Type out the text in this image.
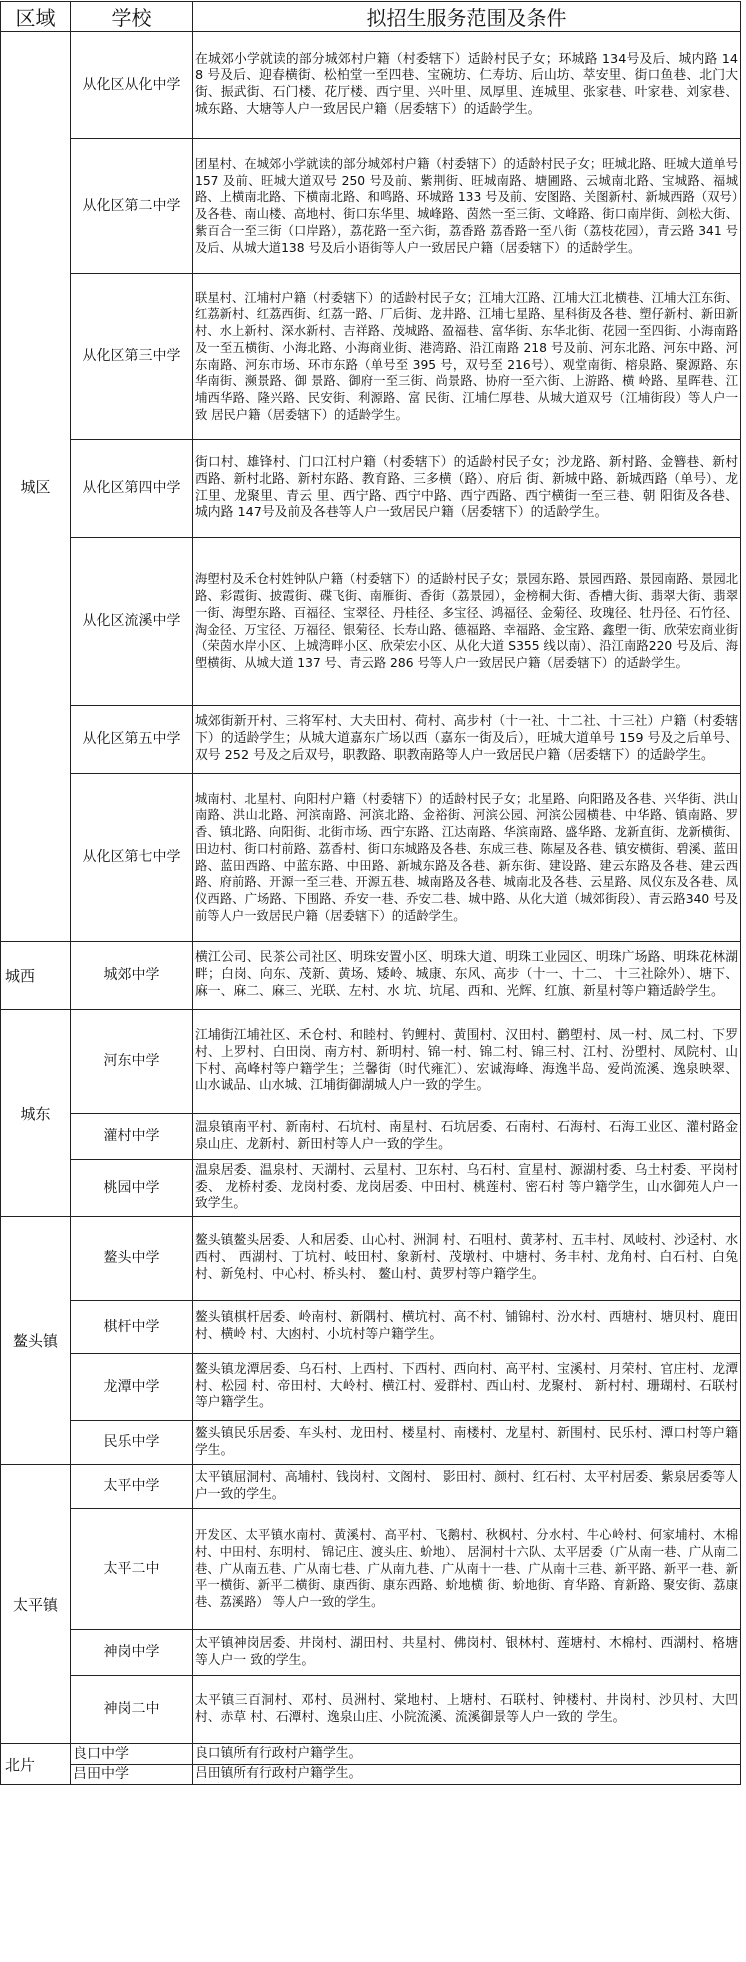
区域	学校	拟招生服务范围及条件
城区	从化区从化中学	在城郊小学就读的部分城郊村户籍（村委辖下）适龄村民子女；环城路 134号及后、城内路 148 号及后、迎春横街、松柏堂一至四巷、宝碗坊、仁寿坊、后山坊、萃安里、街口鱼巷、北门大街、振武街、石门楼、花厅楼、西宁里、兴叶里、凤厚里、连城里、张家巷、叶家巷、刘家巷、城东路、大塘等人户一致居民户籍（居委辖下）的适龄学生。
	从化区第二中学	团星村、在城郊小学就读的部分城郊村户籍（村委辖下）的适龄村民子女；旺城北路、旺城大道单号 157 及前、旺城大道双号 250 号及前、紫荆街、旺城南路、塘圃路、云城南北路、宝城路、福城路、上横南北路、下横南北路、和鸣路、环城路 133 号及前、安图路、关图新村、新城西路（双号）及各巷、南山楼、高地村、街口东华里、城峰路、茵然一至三街、文峰路、街口南岸街、剑松大街、紫百合一至三街（口岸路），荔花路一至六街，荔香路 荔香路一至八街（荔枝花园），青云路 341 号及后、从城大道138 号及后小语街等人户一致居民户籍（居委辖下）的适龄学生。
	从化区第三中学	联星村、江埔村户籍（村委辖下）的适龄村民子女；江埔大江路、江埔大江北横巷、江埔大江东街、红荔新村、红荔西街、红荔一路、厂后街、龙井路、江埔七星路、星科街及各巷、塑仔新村、新田新村、水上新村、深水新村、吉祥路、茂城路、盈福巷、富华街、东华北街、花园一至四街、小海南路及一至五横街、小海北路、小海商业街、港湾路、沿江南路 218 号及前、河东北路、河东中路、河东南路、河东市场、环市东路（单号至 395 号，双号至 216号）、观堂南街、榕泉路、聚源路、东华南街、濒景路、御 景路、御府一至三街、尚景路、协府一至六街、上游路、横 岭路、星晖巷、江埔西华路、隆兴路、民安街、利源路、富 民街、江埔仁厚巷、从城大道双号（江埔街段）等人户一致 居民户籍（居委辖下）的适龄学生。
	从化区第四中学	街口村、雄锋村、门口江村户籍（村委辖下）的适龄村民子女；沙龙路、新村路、金簪巷、新村 西路、新村北路、新村东路、教育路、三多横（路）、府后 街、新城中路、新城西路（单号）、龙江里、龙聚里、青云 里、西宁路、西宁中路、西宁西路、西宁横街一至三巷、朝 阳街及各巷、城内路 147号及前及各巷等人户一致居民户籍（居委辖下）的适龄学生。
	从化区流溪中学	海塱村及禾仓村姓钟队户籍（村委辖下）的适龄村民子女；景园东路、景园西路、景园南路、景园北路、彩霞街、披霞街、碟飞街、南雁街、香街（荔景园），金榜桐大街、香槽大街、翡翠大街、翡翠一街、海塱东路、百福径、宝翠径、丹桂径、多宝径、鸿福径、金菊径、玫瑰径、牡丹径、石竹径、淘金径、万宝径、万福径、银菊径、长寿山路、德福路、幸福路、金宝路、鑫塱一街、欣荣宏商业街（荣茵水岸小区、上城湾畔小区、欣荣宏小区、从化大道 S355 线以南）、沿江南路220 号及后、海塱横街、从城大道 137 号、青云路 286 号等人户一致居民户籍（居委辖下）的适龄学生。
	从化区第五中学	城郊街新开村、三将军村、大夫田村、荷村、高步村（十一社、十二社、十三社）户籍（村委辖下）的适龄学生；从城大道嘉东广场以西（嘉东一街及后），旺城大道单号 159 号及之后单号、双号 252 号及之后双号，职教路、职教南路等人户一致居民户籍（居委辖下）的适龄学生。
	从化区第七中学	城南村、北星村、向阳村户籍（村委辖下）的适龄村民子女；北星路、向阳路及各巷、兴华街、洪山南路、洪山北路、河滨南路、河滨北路、金裕街、河滨公园、河滨公园横巷、中华路、镇南路、罗香、镇北路、向阳街、北街市场、西宁东路、江达南路、华滨南路、盛华路、龙新直街、龙新横街、田边村、街口村前路、荔香村、街口东城路及各巷、东成三巷、陈屋及各巷、镇安横街、碧溪、蓝田路、蓝田西路、中蓝东路、中田路、新城东路及各巷、新东街、建设路、建云东路及各巷、建云西路、府前路、开源一至三巷、开源五巷、城南路及各巷、城南北及各巷、云星路、凤仪东及各巷、凤仪西路、广场路、下围路、乔安一巷、乔安二巷、城中路、从化大道（城郊街段）、青云路340 号及前等人户一致居民户籍（居委辖下）的适龄学生。
城西	城郊中学	横江公司、民茶公司社区、明珠安置小区、明珠大道、明珠工业园区、明珠广场路、明珠花林湖畔；白岗、向东、茂新、黄场、矮岭、城康、东风、高步（十一、十二、 十三社除外）、塘下、麻一、麻二、麻三、光联、左村、水 坑、坑尾、西和、光辉、红旗、新星村等户籍适龄学生。
城东	河东中学	江埔街江埔社区、禾仓村、和睦村、钓鲤村、黄围村、汉田村、鹳塱村、凤一村、凤二村、下罗村、上罗村、白田岗、南方村、新明村、锦一村、锦二村、锦三村、江村、汾塱村、凤院村、山下村、高峰村等户籍学生；兰馨街（时代雍汇）、宏诚海峰、海逸半岛、爱尚流溪、逸泉映翠、山水诚品、山水城、江埔街御湖城人户一致的学生。
	灌村中学	温泉镇南平村、新南村、石坑村、南星村、石坑居委、石南村、石海村、石海工业区、灌村路金泉山庄、龙新村、新田村等人户一致的学生。
	桃园中学	温泉居委、温泉村、天湖村、云星村、卫东村、乌石村、宣星村、源湖村委、乌土村委、平岗村委、 龙桥村委、龙岗村委、龙岗居委、中田村、桃莲村、密石村 等户籍学生，山水御苑人户一致学生。
鳌头镇	鳌头中学	鳌头镇鳌头居委、人和居委、山心村、洲洞 村、石咀村、黄茅村、五丰村、凤岐村、沙迳村、水西村、 西湖村、丁坑村、岐田村、象新村、茂墩村、中塘村、务丰村、龙角村、白石村、白兔村、新兔村、中心村、桥头村、 鳌山村、黄罗村等户籍学生。
	棋杆中学	鳌头镇棋杆居委、岭南村、新隅村、横坑村、高不村、铺锦村、汾水村、西塘村、塘贝村、鹿田村、横岭 村、大凼村、小坑村等户籍学生。
	龙潭中学	鳌头镇龙潭居委、乌石村、上西村、下西村、西向村、高平村、宝溪村、月荣村、官庄村、龙潭村、松园 村、帝田村、大岭村、横江村、爱群村、西山村、龙聚村、 新村村、珊瑚村、石联村等户籍学生。
	民乐中学	鳌头镇民乐居委、车头村、龙田村、楼星村、南楼村、龙星村、新围村、民乐村、潭口村等户籍学生。
太平镇	太平中学	太平镇屈洞村、高埔村、钱岗村、文阁村、 影田村、颜村、红石村、太平村居委、紫泉居委等人户一致的学生。
	太平二中	开发区、太平镇水南村、黄溪村、高平村、飞鹅村、秋枫村、分水村、牛心岭村、何家埔村、木棉村、中田村、东明村、 锦记庄、渡头庄、蚧地）、 居洞村十六队、太平居委（广从南一巷、广从南二巷、广从南五巷、广从南七巷、广从南九巷、广从南十一巷、广从南十三巷、新平路、新平一巷、新平一横街、新平二横街、康西街、康东西路、蚧地横 街、蚧地街、育华路、育新路、聚安街、荔康巷、荔溪路） 等人户一致的学生。
	神岗中学	太平镇神岗居委、井岗村、湖田村、共星村、佛岗村、银林村、莲塘村、木棉村、西湖村、格塘等人户一 致的学生。
	神岗二中	太平镇三百洞村、邓村、员洲村、棠地村、上塘村、石联村、钟楼村、井岗村、沙贝村、大凹村、赤草 村、石潭村、逸泉山庄、小院流溪、流溪御景等人户一致的 学生。
北片	良口中学	良口镇所有行政村户籍学生。
	吕田中学	吕田镇所有行政村户籍学生。
